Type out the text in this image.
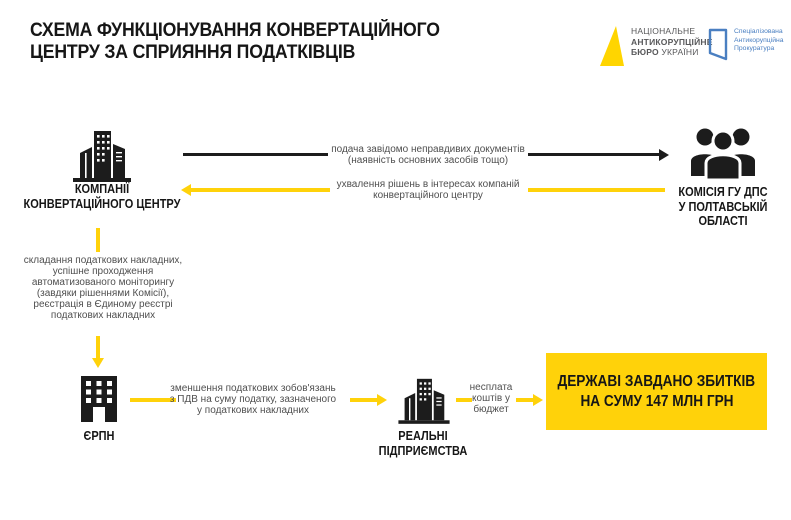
СХЕМА ФУНКЦІОНУВАННЯ КОНВЕРТАЦІЙНОГО
ЦЕНТРУ ЗА СПРИЯННЯ ПОДАТКІВЦІВ
НАЦІОНАЛЬНЕ
АНТИКОРУПЦІЙНЕ
БЮРО УКРАЇНИ
Спеціалізована
Антикорупційна
Прокуратура
КОМПАНІЇ
КОНВЕРТАЦІЙНОГО ЦЕНТРУ
КОМІСІЯ ГУ ДПС
У ПОЛТАВСЬКІЙ
ОБЛАСТІ
подача завідомо неправдивих документів
(наявність основних засобів тощо)
ухвалення рішень в інтересах компаній
конвертаційного центру
складання податкових накладних,
успішне проходження
автоматизованого моніторингу
(завдяки рішеннями Комісії),
реєстрація в Єдиному реєстрі
податкових накладних
ЄРПН
зменшення податкових зобов'язань
з ПДВ на суму податку, зазначеного
у податкових накладних
РЕАЛЬНІ
ПІДПРИЄМСТВА
несплата
коштів у
бюджет
ДЕРЖАВІ ЗАВДАНО ЗБИТКІВ
НА СУМУ 147 МЛН ГРН
